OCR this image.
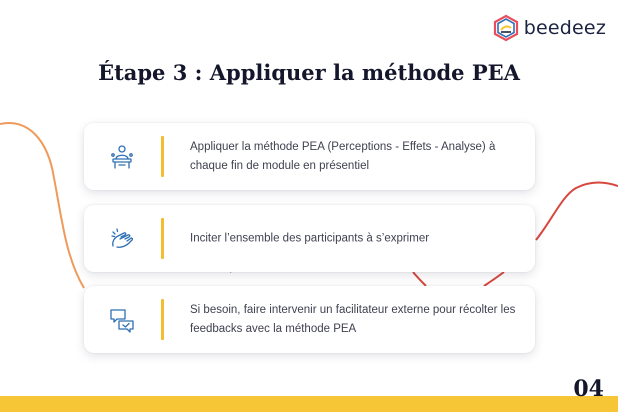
beedeez
Étape 3 : Appliquer la méthode PEA

Appliquer la méthode PEA (Perceptions - Effets - Analyse) à chaque fin de module en présentiel

Inciter l’ensemble des participants à s’exprimer

Si besoin, faire intervenir un facilitateur externe pour récolter les feedbacks avec la méthode PEA

04
